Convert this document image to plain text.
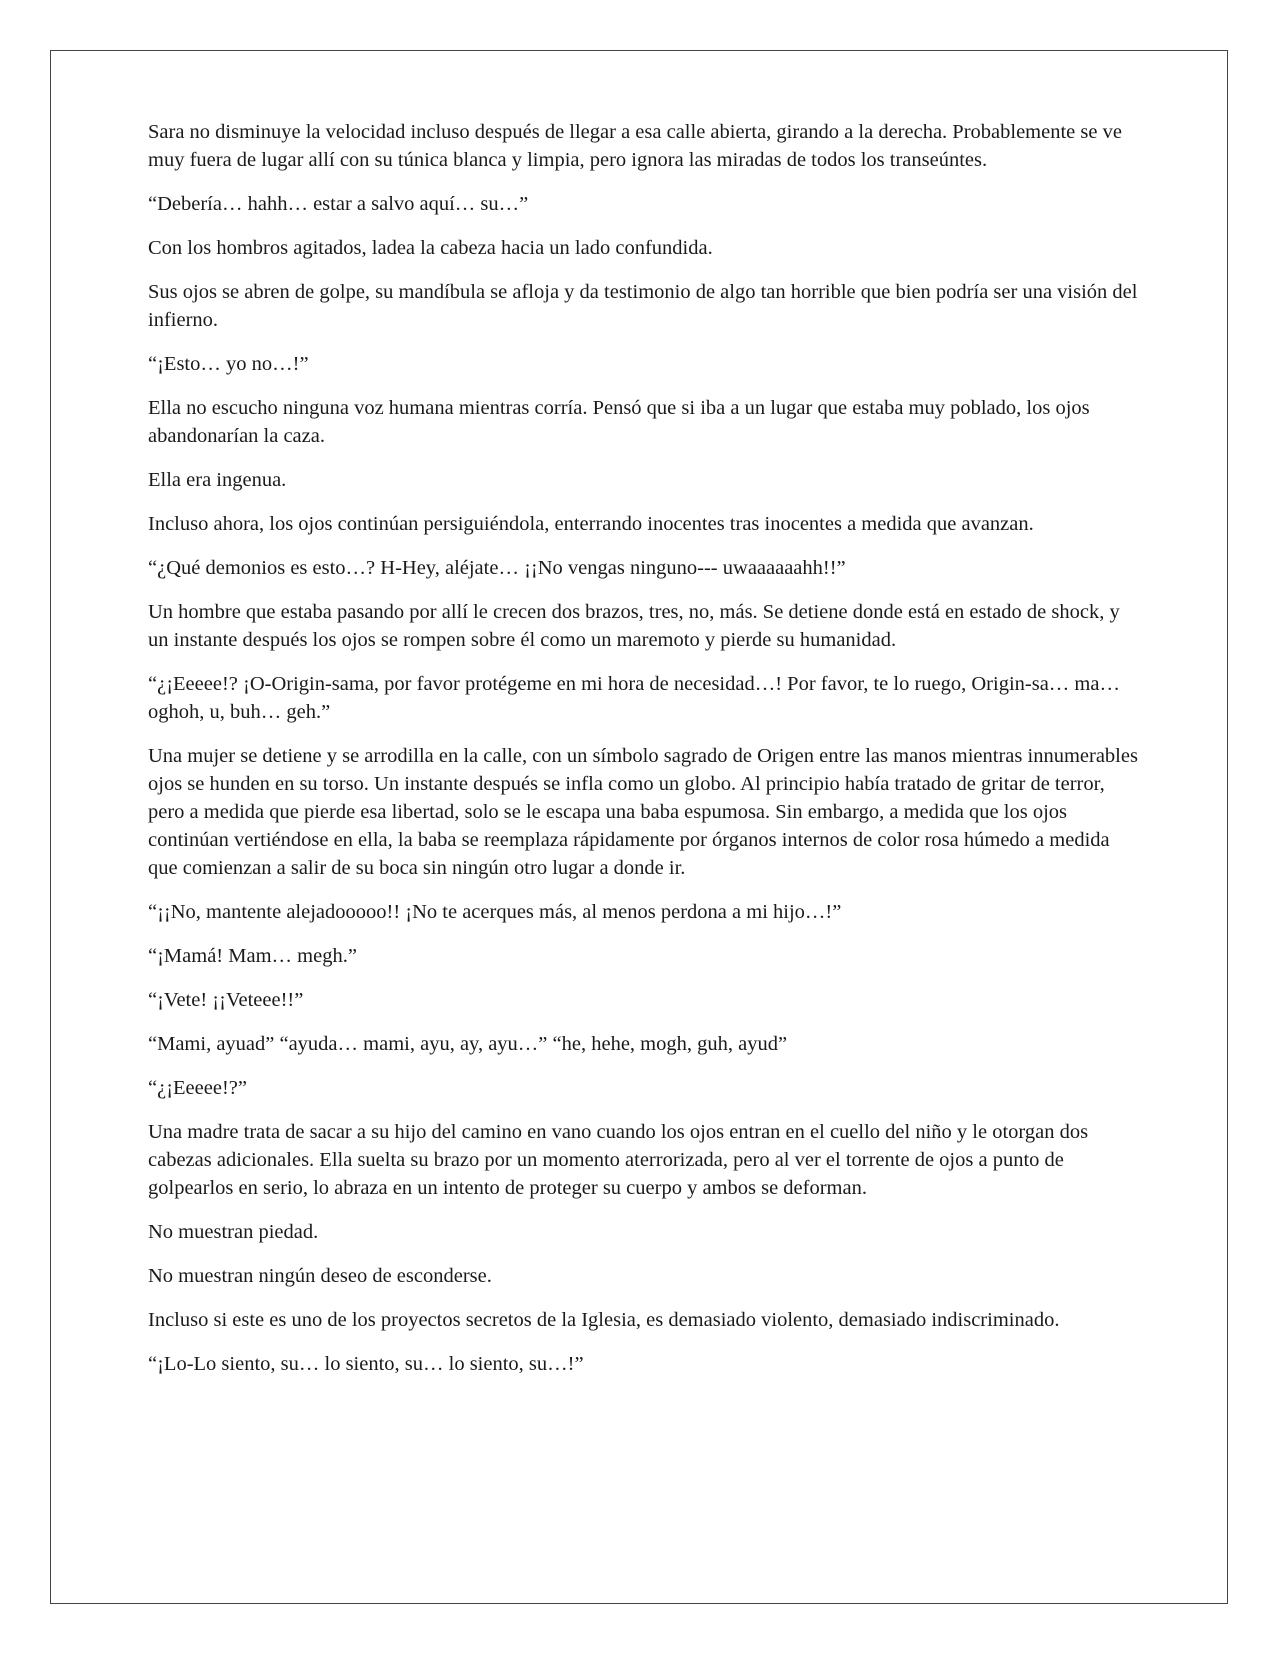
Sara no disminuye la velocidad incluso después de llegar a esa calle abierta, girando a la derecha. Probablemente se ve muy fuera de lugar allí con su túnica blanca y limpia, pero ignora las miradas de todos los transeúntes.

“Debería… hahh… estar a salvo aquí… su…”

Con los hombros agitados, ladea la cabeza hacia un lado confundida.

Sus ojos se abren de golpe, su mandíbula se afloja y da testimonio de algo tan horrible que bien podría ser una visión del infierno.

“¡Esto… yo no…!”

Ella no escucho ninguna voz humana mientras corría. Pensó que si iba a un lugar que estaba muy poblado, los ojos abandonarían la caza.

Ella era ingenua.

Incluso ahora, los ojos continúan persiguiéndola, enterrando inocentes tras inocentes a medida que avanzan.

“¿Qué demonios es esto…? H-Hey, aléjate… ¡¡No vengas ninguno--- uwaaaaaahh!!”

Un hombre que estaba pasando por allí le crecen dos brazos, tres, no, más. Se detiene donde está en estado de shock, y un instante después los ojos se rompen sobre él como un maremoto y pierde su humanidad.

“¿¡Eeeee!? ¡O-Origin-sama, por favor protégeme en mi hora de necesidad…! Por favor, te lo ruego, Origin-sa… ma… oghoh, u, buh… geh.”

Una mujer se detiene y se arrodilla en la calle, con un símbolo sagrado de Origen entre las manos mientras innumerables ojos se hunden en su torso. Un instante después se infla como un globo. Al principio había tratado de gritar de terror, pero a medida que pierde esa libertad, solo se le escapa una baba espumosa. Sin embargo, a medida que los ojos continúan vertiéndose en ella, la baba se reemplaza rápidamente por órganos internos de color rosa húmedo a medida que comienzan a salir de su boca sin ningún otro lugar a donde ir.

“¡¡No, mantente alejadooooo!! ¡No te acerques más, al menos perdona a mi hijo…!”

“¡Mamá! Mam… megh.”

“¡Vete! ¡¡Veteee!!”

“Mami, ayuad” “ayuda… mami, ayu, ay, ayu…” “he, hehe, mogh, guh, ayud”

“¿¡Eeeee!?”

Una madre trata de sacar a su hijo del camino en vano cuando los ojos entran en el cuello del niño y le otorgan dos cabezas adicionales. Ella suelta su brazo por un momento aterrorizada, pero al ver el torrente de ojos a punto de golpearlos en serio, lo abraza en un intento de proteger su cuerpo y ambos se deforman.

No muestran piedad.

No muestran ningún deseo de esconderse.

Incluso si este es uno de los proyectos secretos de la Iglesia, es demasiado violento, demasiado indiscriminado.

“¡Lo-Lo siento, su… lo siento, su… lo siento, su…!”
